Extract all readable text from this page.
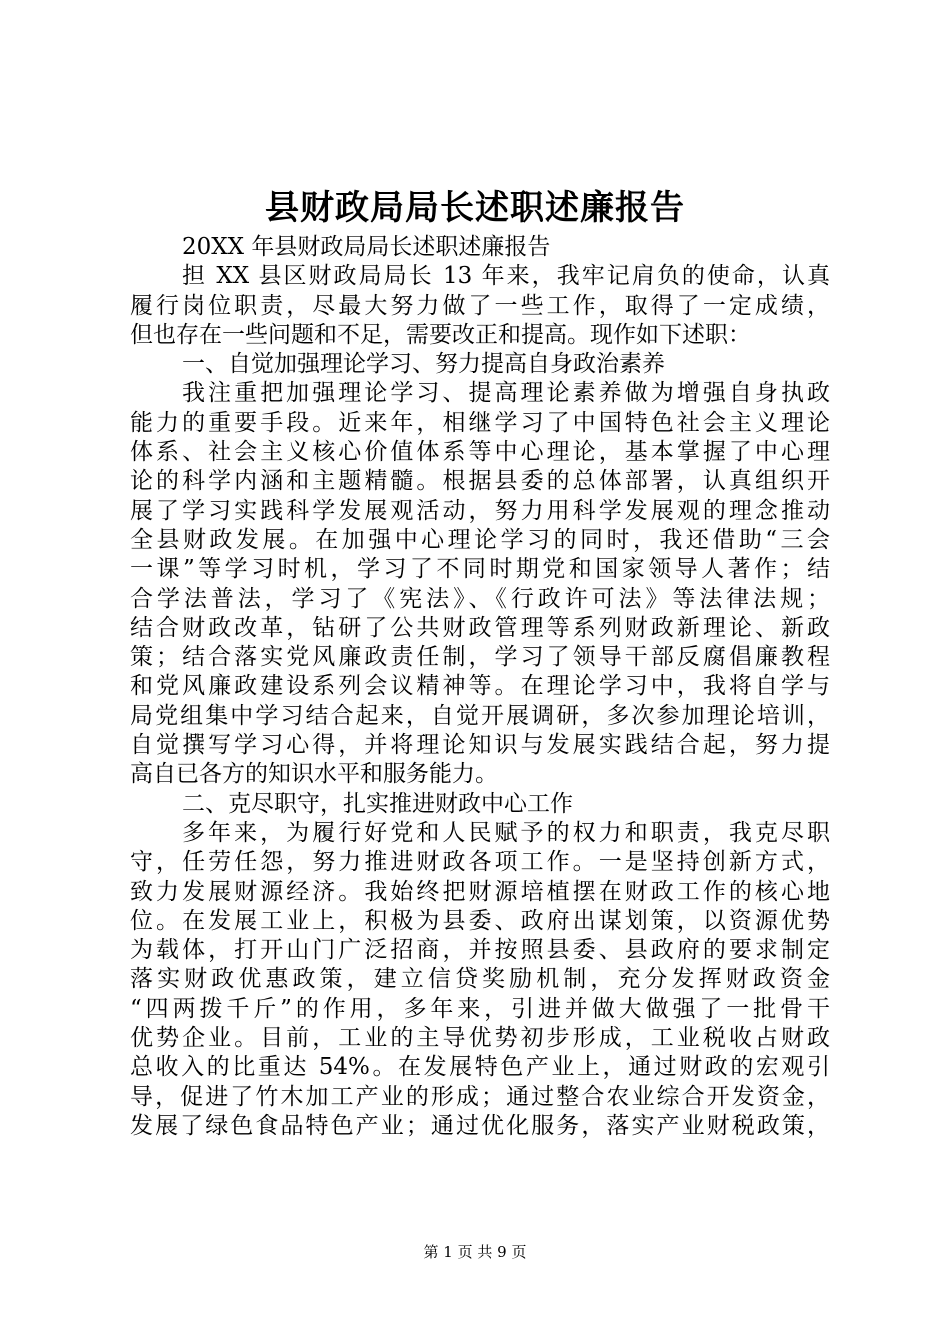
县财政局局长述职述廉报告
20XX 年县财政局局长述职述廉报告
担 XX 县区财政局局长 13 年来，我牢记肩负的使命，认真
履行岗位职责，尽最大努力做了一些工作，取得了一定成绩，
但也存在一些问题和不足，需要改正和提高。现作如下述职：
一、自觉加强理论学习、努力提高自身政治素养
我注重把加强理论学习、提高理论素养做为增强自身执政
能力的重要手段。近来年，相继学习了中国特色社会主义理论
体系、社会主义核心价值体系等中心理论，基本掌握了中心理
论的科学内涵和主题精髓。根据县委的总体部署，认真组织开
展了学习实践科学发展观活动，努力用科学发展观的理念推动
全县财政发展。在加强中心理论学习的同时，我还借助“三会
一课”等学习时机，学习了不同时期党和国家领导人著作；结
合学法普法，学习了《宪法》、《行政许可法》等法律法规；
结合财政改革，钻研了公共财政管理等系列财政新理论、新政
策；结合落实党风廉政责任制，学习了领导干部反腐倡廉教程
和党风廉政建设系列会议精神等。在理论学习中，我将自学与
局党组集中学习结合起来，自觉开展调研，多次参加理论培训，
自觉撰写学习心得，并将理论知识与发展实践结合起，努力提
高自已各方的知识水平和服务能力。
二、克尽职守，扎实推进财政中心工作
多年来，为履行好党和人民赋予的权力和职责，我克尽职
守，任劳任怨，努力推进财政各项工作。一是坚持创新方式，
致力发展财源经济。我始终把财源培植摆在财政工作的核心地
位。在发展工业上，积极为县委、政府出谋划策，以资源优势
为载体，打开山门广泛招商，并按照县委、县政府的要求制定
落实财政优惠政策，建立信贷奖励机制，充分发挥财政资金
“四两拨千斤”的作用，多年来，引进并做大做强了一批骨干
优势企业。目前，工业的主导优势初步形成，工业税收占财政
总收入的比重达 54%。在发展特色产业上，通过财政的宏观引
导，促进了竹木加工产业的形成；通过整合农业综合开发资金，
发展了绿色食品特色产业；通过优化服务，落实产业财税政策，
第 1 页 共 9 页
